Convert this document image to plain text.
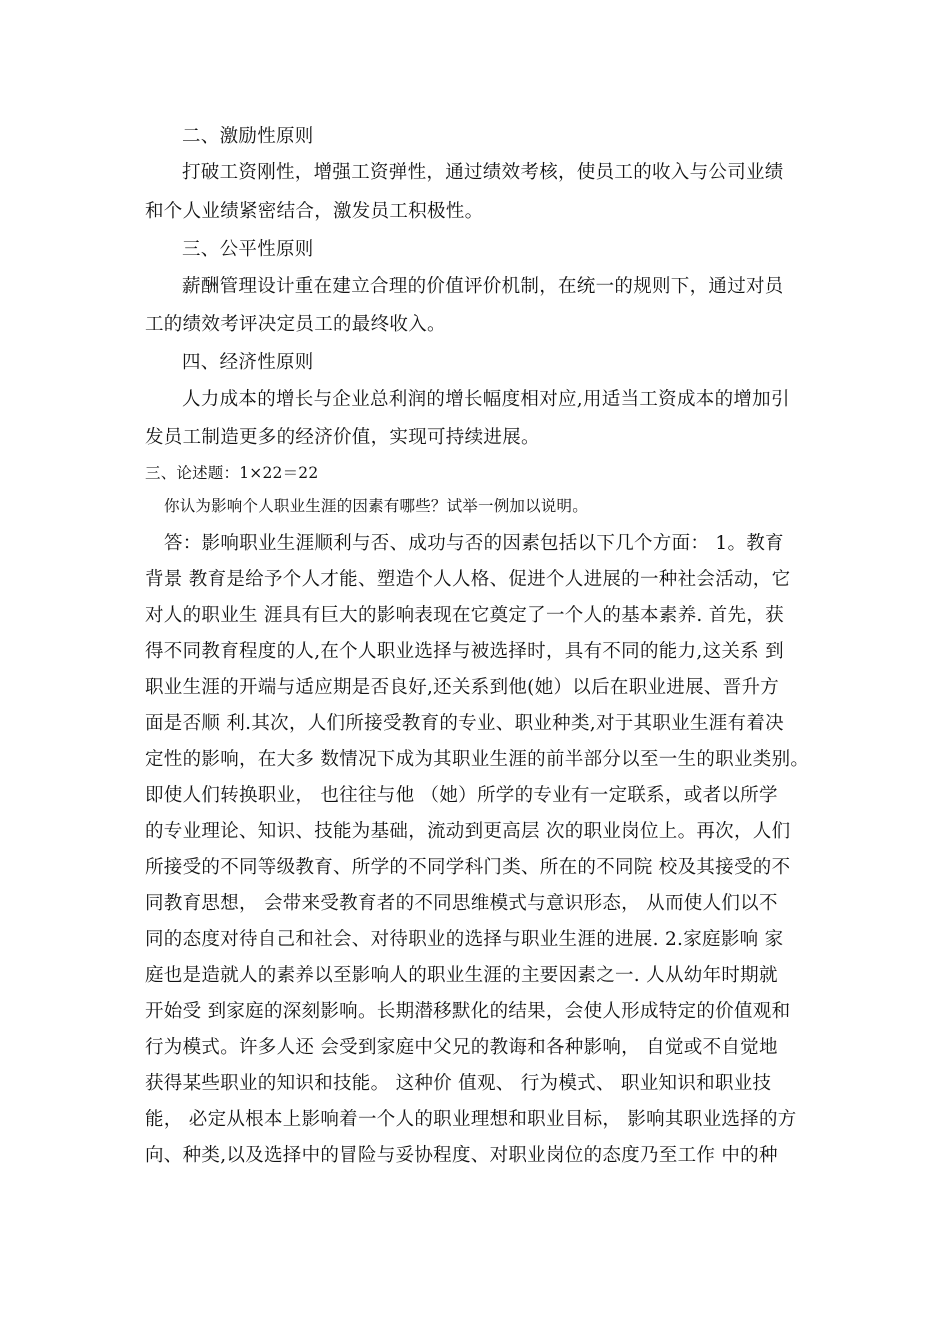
二、激励性原则
打破工资刚性，增强工资弹性，通过绩效考核，使员工的收入与公司业绩
和个人业绩紧密结合，激发员工积极性。
三、公平性原则
薪酬管理设计重在建立合理的价值评价机制，在统一的规则下，通过对员
工的绩效考评决定员工的最终收入。
四、经济性原则
人力成本的增长与企业总利润的增长幅度相对应,用适当工资成本的增加引
发员工制造更多的经济价值，实现可持续进展。
三、论述题：1×22＝22
你认为影响个人职业生涯的因素有哪些？试举一例加以说明。
答：影响职业生涯顺利与否、成功与否的因素包括以下几个方面： 1。教育
背景 教育是给予个人才能、塑造个人人格、促进个人进展的一种社会活动，它
对人的职业生 涯具有巨大的影响表现在它奠定了一个人的基本素养. 首先，获
得不同教育程度的人,在个人职业选择与被选择时，具有不同的能力,这关系 到
职业生涯的开端与适应期是否良好,还关系到他(她）以后在职业进展、晋升方
面是否顺 利.其次，人们所接受教育的专业、职业种类,对于其职业生涯有着决
定性的影响，在大多 数情况下成为其职业生涯的前半部分以至一生的职业类别。
即使人们转换职业， 也往往与他 （她）所学的专业有一定联系，或者以所学
的专业理论、知识、技能为基础，流动到更高层 次的职业岗位上。再次，人们
所接受的不同等级教育、所学的不同学科门类、所在的不同院 校及其接受的不
同教育思想， 会带来受教育者的不同思维模式与意识形态， 从而使人们以不
同的态度对待自己和社会、对待职业的选择与职业生涯的进展. 2.家庭影响 家
庭也是造就人的素养以至影响人的职业生涯的主要因素之一. 人从幼年时期就
开始受 到家庭的深刻影响。长期潜移默化的结果，会使人形成特定的价值观和
行为模式。许多人还 会受到家庭中父兄的教诲和各种影响， 自觉或不自觉地
获得某些职业的知识和技能。 这种价 值观、 行为模式、 职业知识和职业技
能， 必定从根本上影响着一个人的职业理想和职业目标， 影响其职业选择的方
向、种类,以及选择中的冒险与妥协程度、对职业岗位的态度乃至工作 中的种
